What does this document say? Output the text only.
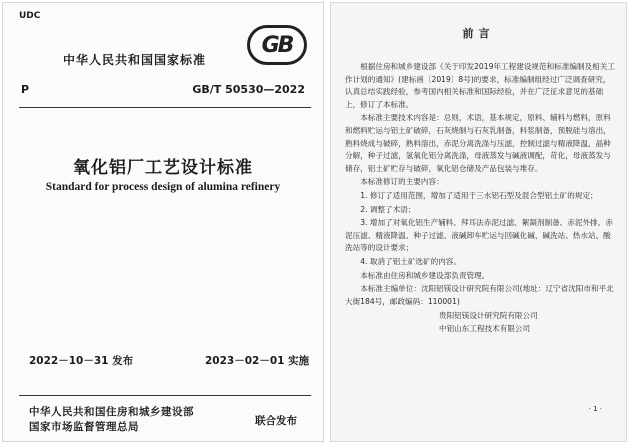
UDC
中华人民共和国国家标准
GB
P	GB/T 50530—2022
氧化铝厂工艺设计标准
Standard for process design of alumina refinery
2022－10－31 发布	2023－02－01 实施
中华人民共和国住房和城乡建设部
国家市场监督管理总局	联合发布
前言

根据住房和城乡建设部《关于印发2019年工程建设规范和标准编制及相关工作计划的通知》(建标函〔2019〕8号)的要求，标准编制组经过广泛调查研究，认真总结实践经验，参考国内相关标准和国际经验，并在广泛征求意见的基础上，修订了本标准。

本标准主要技术内容是：总则，术语，基本规定，原料、辅料与燃料，原料和燃料贮运与铝土矿破碎，石灰烧制与石灰乳制备，料浆制备，预脱硅与溶出，熟料烧成与破碎，熟料溶出，赤泥分离洗涤与压滤，控制过滤与精液降温，晶种分解，种子过滤，氢氧化铝分离洗涤，母液蒸发与碱液调配，苛化，母液蒸发与储存，铝土矿贮存与破碎，氧化铝仓储及产品包装与堆存。

本标准修订的主要内容：

1. 修订了适用范围，增加了适用于三水铝石型及混合型铝土矿的规定；

2. 调整了术语；

3. 增加了对氧化铝生产辅料、拜耳法赤泥过滤、絮凝剂制备、赤泥外排、赤泥压滤、精液降温、种子过滤、液碱卸车贮运与回碱化碱、碱洗站、热水站、酸洗站等的设计要求；

4. 取消了铝土矿选矿的内容。

本标准由住房和城乡建设部负责管理。

本标准主编单位：沈阳铝镁设计研究院有限公司(地址：辽宁省沈阳市和平北大街184号，邮政编码：110001)

贵阳铝镁设计研究院有限公司
中铝山东工程技术有限公司
· 1 ·
